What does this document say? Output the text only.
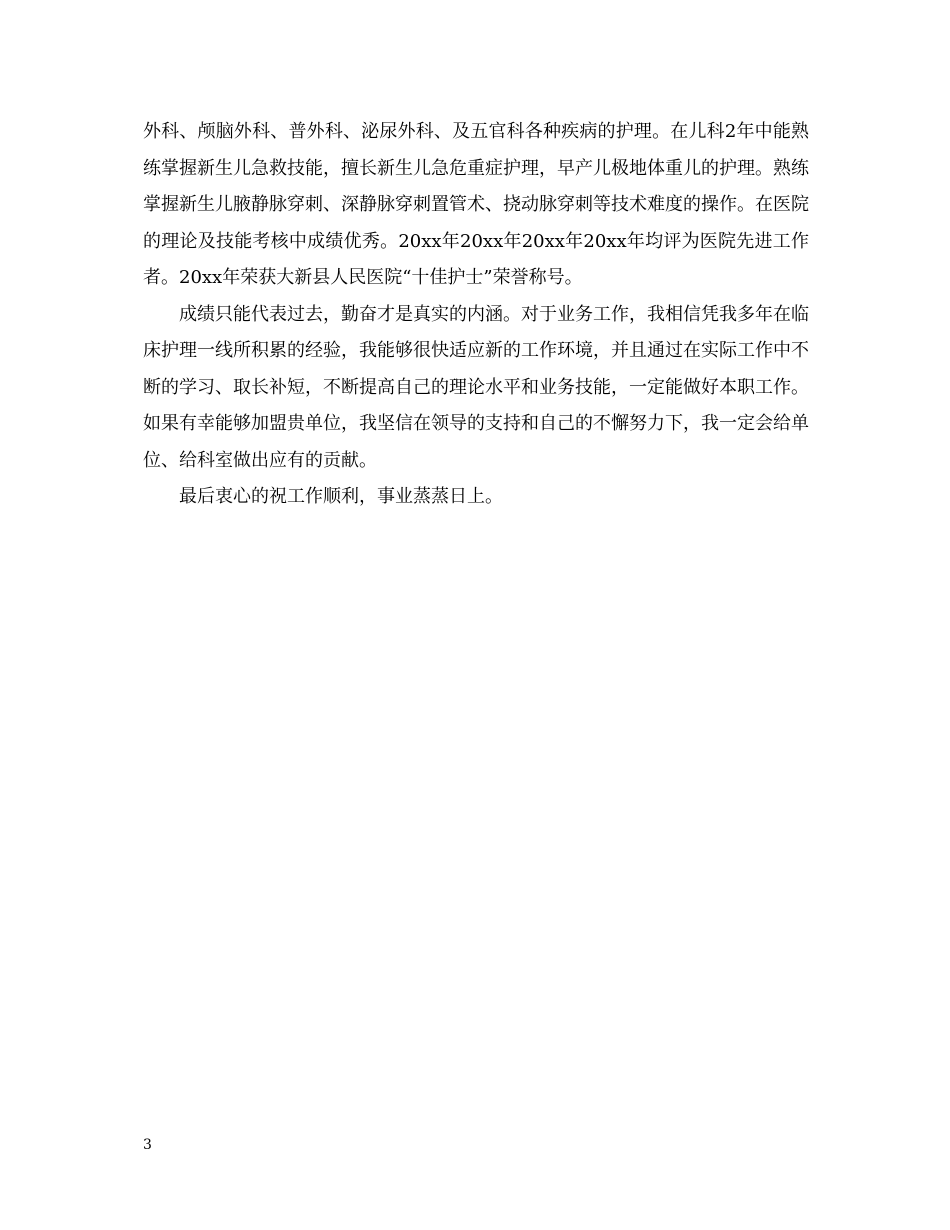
外科、颅脑外科、普外科、泌尿外科、及五官科各种疾病的护理。在儿科2年中能熟练掌握新生儿急救技能，擅长新生儿急危重症护理，早产儿极地体重儿的护理。熟练掌握新生儿腋静脉穿刺、深静脉穿刺置管术、挠动脉穿刺等技术难度的操作。在医院的理论及技能考核中成绩优秀。20xx年20xx年20xx年20xx年均评为医院先进工作者。20xx年荣获大新县人民医院“十佳护士”荣誉称号。

成绩只能代表过去，勤奋才是真实的内涵。对于业务工作，我相信凭我多年在临床护理一线所积累的经验，我能够很快适应新的工作环境，并且通过在实际工作中不断的学习、取长补短，不断提高自己的理论水平和业务技能，一定能做好本职工作。如果有幸能够加盟贵单位，我坚信在领导的支持和自己的不懈努力下，我一定会给单位、给科室做出应有的贡献。

最后衷心的祝工作顺利，事业蒸蒸日上。

3
